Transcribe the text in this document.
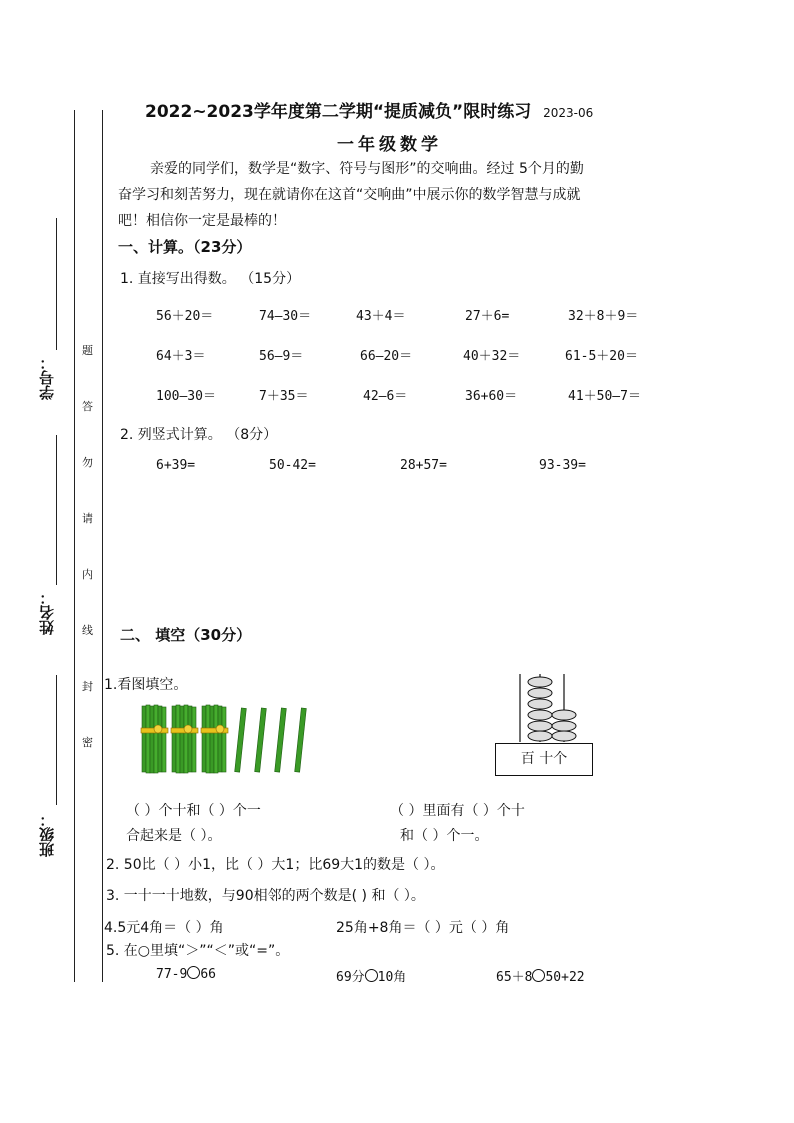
学号：
姓名：
班级：
题
答
勿
请
内
线
封
密
2022~2023学年度第二学期“提质减负”限时练习 2023-06
一年级数学
亲爱的同学们，数学是“数字、符号与图形”的交响曲。经过 5个月的勤
奋学习和刻苦努力，现在就请你在这首“交响曲”中展示你的数学智慧与成就
吧！相信你一定是最棒的！
一、计算。（23分）
1. 直接写出得数。 （15分）
56＋20＝	74—30＝	43＋4＝	27＋6=	32＋8＋9＝
64＋3＝	56—9＝	66—20＝	40＋32＝	61-5＋20＝
100—30＝	7＋35＝	42—6＝	36+60＝	41＋50—7＝
2. 列竖式计算。 （8分）
6+39=	50-42=	28+57=	93-39=
二、 填空（30分）
1.看图填空。
百 十个
（ ）个十和（ ）个一
合起来是（ ）。
（ ）里面有（ ）个十
和（ ）个一。
2. 50比（ ）小1，比（ ）大1；比69大1的数是（ ）。
3. 一十一十地数，与90相邻的两个数是( ) 和（ ）。
4.5元4角＝（ ）角	25角+8角＝（ ）元（ ）角
5. 在○里填“＞”“＜”或“=”。
77-9 66	69分 10角	65＋8 50+22
